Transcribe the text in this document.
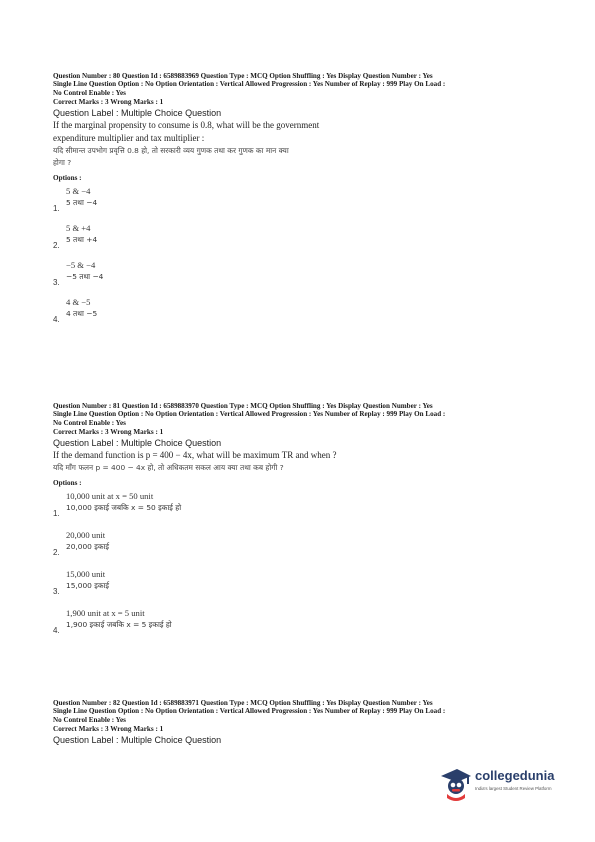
Question Number : 80 Question Id : 6589883969 Question Type : MCQ Option Shuffling : Yes Display Question Number : Yes

Single Line Question Option : No Option Orientation : Vertical Allowed Progression : Yes Number of Replay : 999 Play On Load :

No Control Enable : Yes

Correct Marks : 3 Wrong Marks : 1
Question Label : Multiple Choice Question
If the marginal propensity to consume is 0.8, what will be the government
expenditure multiplier and tax multiplier :
यदि सीमान्त उपभोग प्रवृत्ति 0.8 हो, तो सरकारी व्यय गुणक तथा कर गुणक का मान क्या
होगा ?
Options :
5 & −4
5 तथा −4
1.
5 & +4
5 तथा +4
2.
−5 & −4
−5 तथा −4
3.
4 & −5
4 तथा −5
4.

Question Number : 81 Question Id : 6589883970 Question Type : MCQ Option Shuffling : Yes Display Question Number : Yes

Single Line Question Option : No Option Orientation : Vertical Allowed Progression : Yes Number of Replay : 999 Play On Load :

No Control Enable : Yes

Correct Marks : 3 Wrong Marks : 1
Question Label : Multiple Choice Question
If the demand function is p = 400 − 4x, what will be maximum TR and when ?
यदि माँग फलन p = 400 − 4x हो, तो अधिकतम सकल आय क्या तथा कब होगी ?
Options :
10,000 unit at x = 50 unit
10,000 इकाई जबकि x = 50 इकाई हो
1.
20,000 unit
20,000 इकाई
2.
15,000 unit
15,000 इकाई
3.
1,900 unit at x = 5 unit
1,900 इकाई जबकि x = 5 इकाई हो
4.

Question Number : 82 Question Id : 6589883971 Question Type : MCQ Option Shuffling : Yes Display Question Number : Yes

Single Line Question Option : No Option Orientation : Vertical Allowed Progression : Yes Number of Replay : 999 Play On Load :

No Control Enable : Yes

Correct Marks : 3 Wrong Marks : 1
Question Label : Multiple Choice Question
collegedunia
India's largest Student Review Platform
